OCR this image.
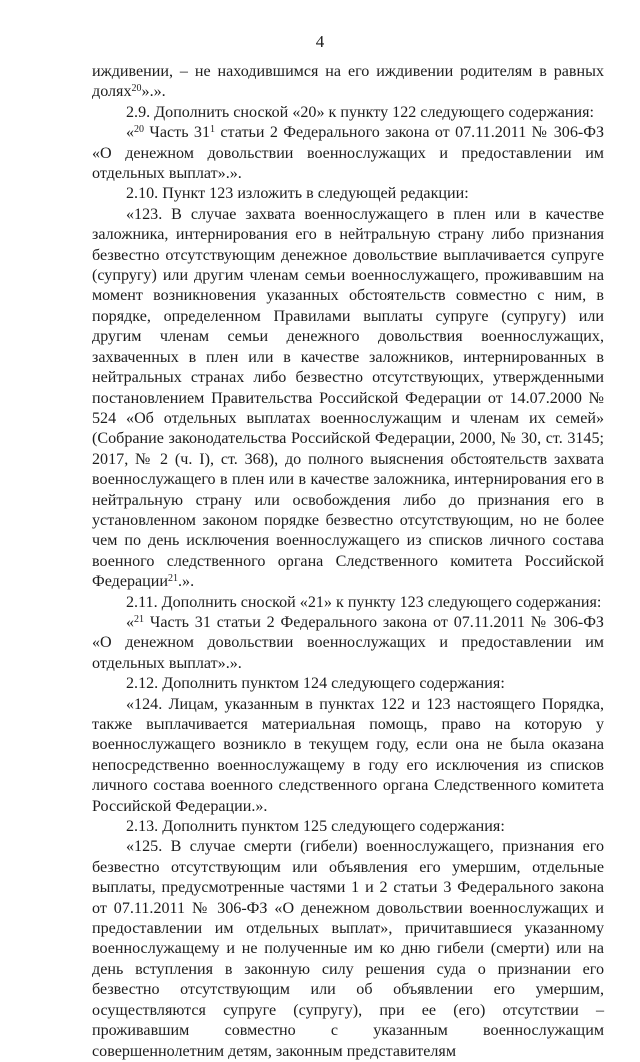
4

иждивении, – не находившимся на его иждивении родителям в равных долях$^{20}$».».

2.9. Дополнить сноской «20» к пункту 122 следующего содержания:

«$^{20}$ Часть $31^1$ статьи 2 Федерального закона от 07.11.2011 № 306-ФЗ «О денежном довольствии военнослужащих и предоставлении им отдельных выплат».».

2.10. Пункт 123 изложить в следующей редакции:

«123. В случае захвата военнослужащего в плен или в качестве заложника, интернирования его в нейтральную страну либо признания безвестно отсутствующим денежное довольствие выплачивается супруге (супругу) или другим членам семьи военнослужащего, проживавшим на момент возникновения указанных обстоятельств совместно с ним, в порядке, определенном Правилами выплаты супруге (супругу) или другим членам семьи денежного довольствия военнослужащих, захваченных в плен или в качестве заложников, интернированных в нейтральных странах либо безвестно отсутствующих, утвержденными постановлением Правительства Российской Федерации от 14.07.2000 № 524 «Об отдельных выплатах военнослужащим и членам их семей» (Собрание законодательства Российской Федерации, 2000, № 30, ст. 3145; 2017, № 2 (ч. I), ст. 368), до полного выяснения обстоятельств захвата военнослужащего в плен или в качестве заложника, интернирования его в нейтральную страну или освобождения либо до признания его в установленном законом порядке безвестно отсутствующим, но не более чем по день исключения военнослужащего из списков личного состава военного следственного органа Следственного комитета Российской Федерации$^{21}$.».

2.11. Дополнить сноской «21» к пункту 123 следующего содержания:

«$^{21}$ Часть 31 статьи 2 Федерального закона от 07.11.2011 № 306-ФЗ «О денежном довольствии военнослужащих и предоставлении им отдельных выплат».».

2.12. Дополнить пунктом 124 следующего содержания:

«124. Лицам, указанным в пунктах 122 и 123 настоящего Порядка, также выплачивается материальная помощь, право на которую у военнослужащего возникло в текущем году, если она не была оказана непосредственно военнослужащему в году его исключения из списков личного состава военного следственного органа Следственного комитета Российской Федерации.».

2.13. Дополнить пунктом 125 следующего содержания:

«125. В случае смерти (гибели) военнослужащего, признания его безвестно отсутствующим или объявления его умершим, отдельные выплаты, предусмотренные частями 1 и 2 статьи 3 Федерального закона от 07.11.2011 № 306-ФЗ «О денежном довольствии военнослужащих и предоставлении им отдельных выплат», причитавшиеся указанному военнослужащему и не полученные им ко дню гибели (смерти) или на день вступления в законную силу решения суда о признании его безвестно отсутствующим или об объявлении его умершим, осуществляются супруге (супругу), при ее (его) отсутствии – проживавшим совместно с указанным военнослужащим совершеннолетним детям, законным представителям
